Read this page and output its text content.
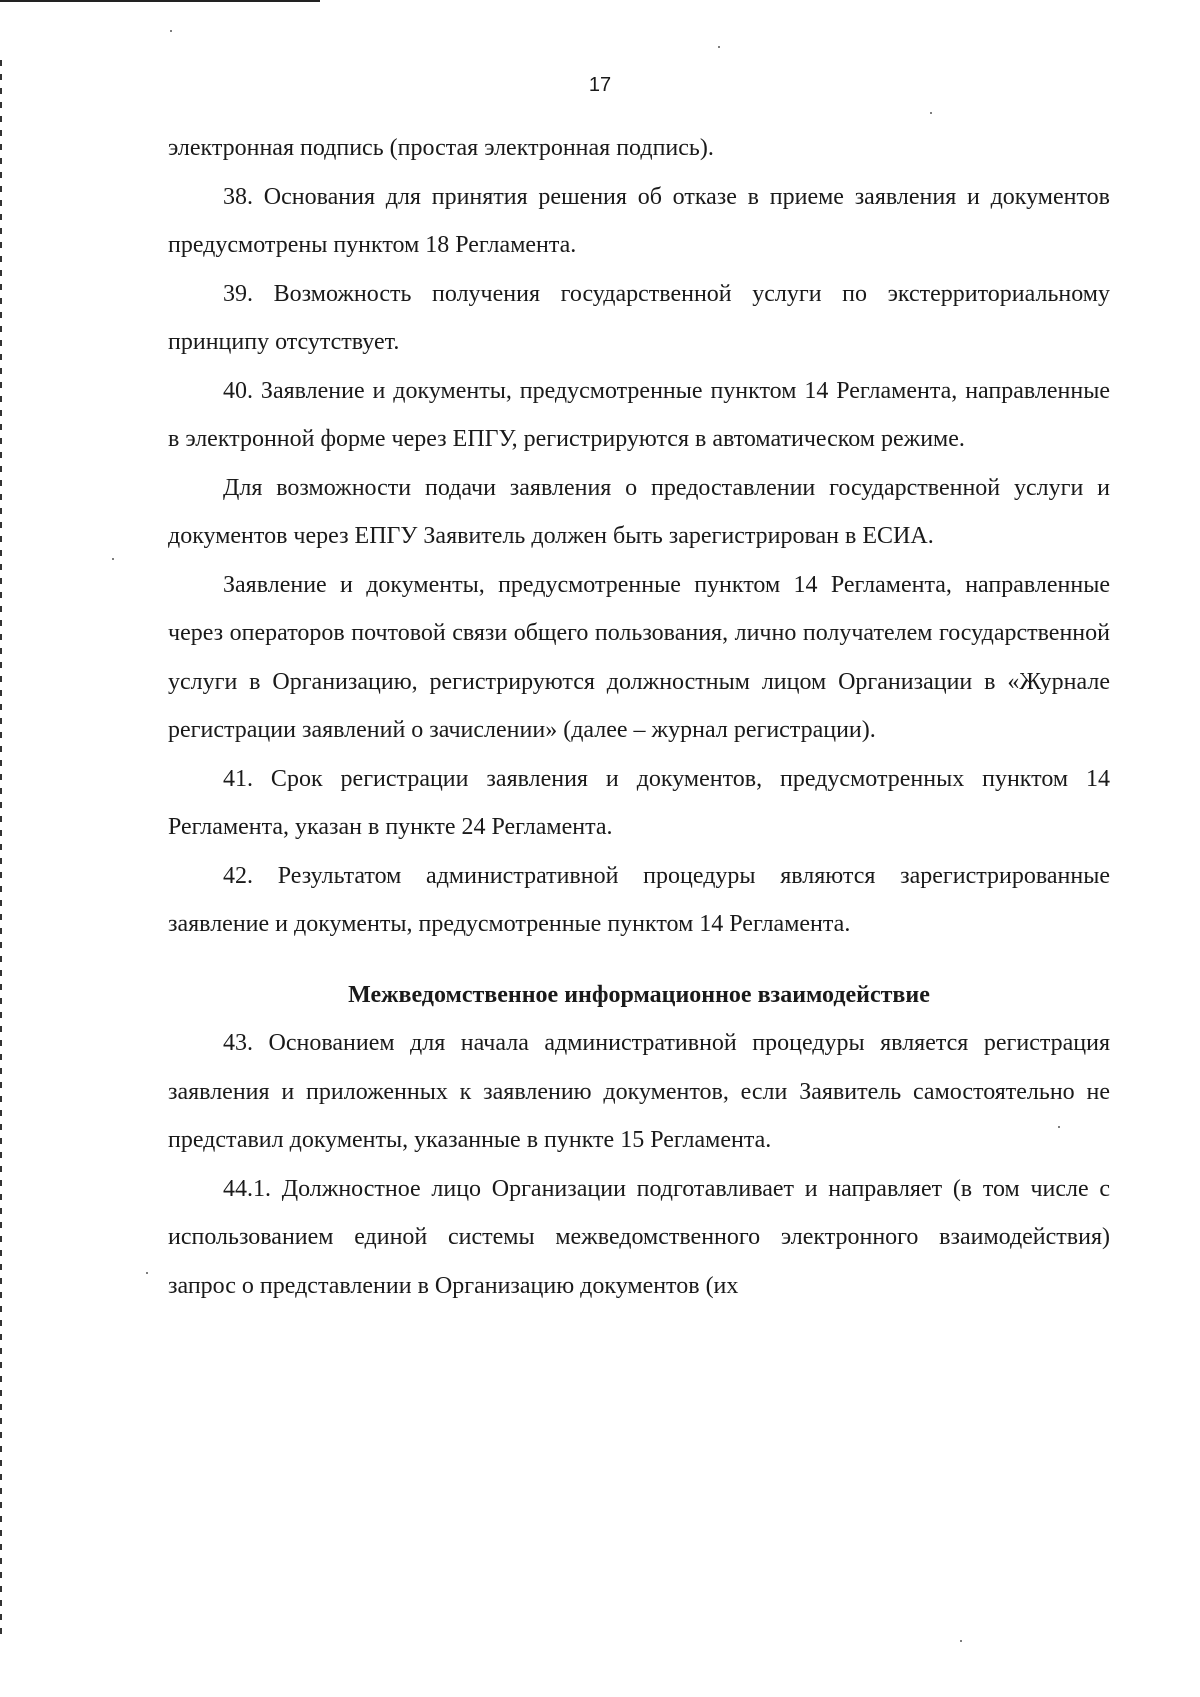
17

электронная подпись (простая электронная подпись).

38. Основания для принятия решения об отказе в приеме заявления и документов предусмотрены пунктом 18 Регламента.

39. Возможность получения государственной услуги по экстерриториальному принципу отсутствует.

40. Заявление и документы, предусмотренные пунктом 14 Регламента, направленные в электронной форме через ЕПГУ, регистрируются в автоматическом режиме.

Для возможности подачи заявления о предоставлении государственной услуги и документов через ЕПГУ Заявитель должен быть зарегистрирован в ЕСИА.

Заявление и документы, предусмотренные пунктом 14 Регламента, направленные через операторов почтовой связи общего пользования, лично получателем государственной услуги в Организацию, регистрируются должностным лицом Организации в «Журнале регистрации заявлений о зачислении» (далее – журнал регистрации).

41. Срок регистрации заявления и документов, предусмотренных пунктом 14 Регламента, указан в пункте 24 Регламента.

42. Результатом административной процедуры являются зарегистрированные заявление и документы, предусмотренные пунктом 14 Регламента.

Межведомственное информационное взаимодействие

43. Основанием для начала административной процедуры является регистрация заявления и приложенных к заявлению документов, если Заявитель самостоятельно не представил документы, указанные в пункте 15 Регламента.

44.1. Должностное лицо Организации подготавливает и направляет (в том числе с использованием единой системы межведомственного электронного взаимодействия) запрос о представлении в Организацию документов (их
